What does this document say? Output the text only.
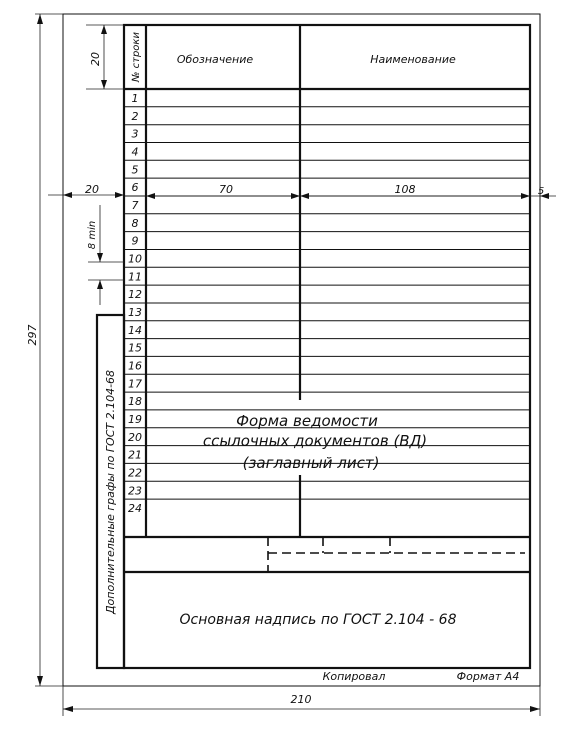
Дополнительные графы по ГОСТ 2.104-68
№ строки	Обозначение	Наименование
1
2
3
4
5
6
7
8
9
10
11
12
13
14
15
16
17
18
19
20
21
22
23
24
Основная надпись по ГОСТ 2.104 - 68
Форма ведомости
ссылочных документов (ВД)
(заглавный лист)
Копировал	Формат А4
297
20
20	70	108	5
8 min
210
